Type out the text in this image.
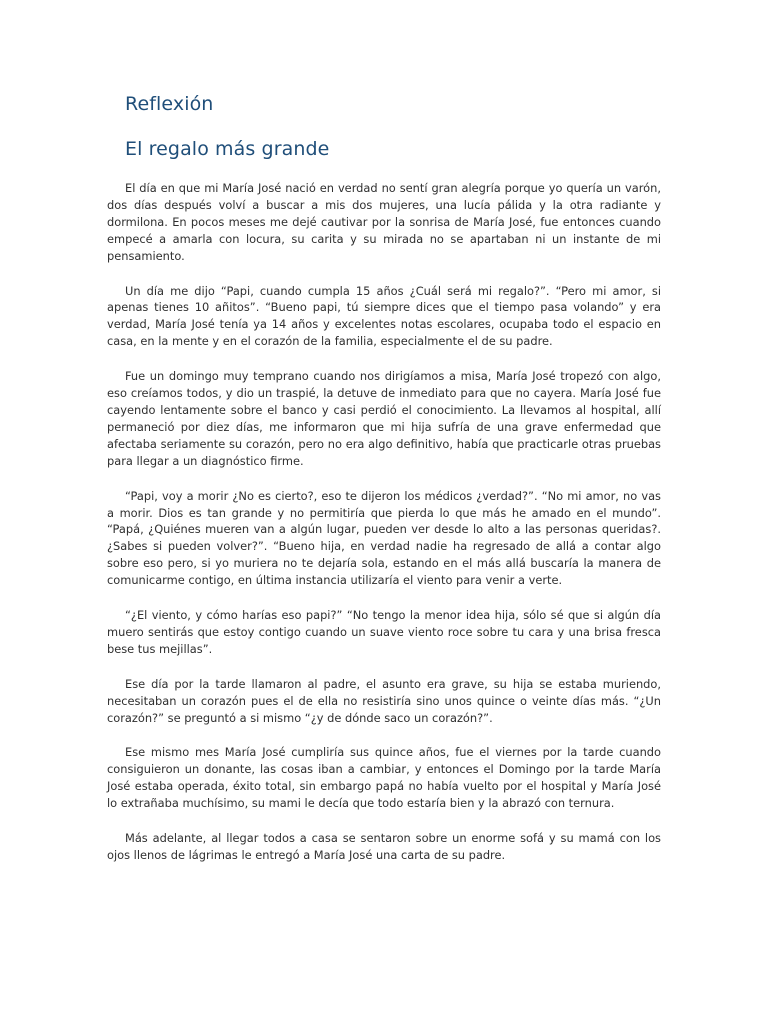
Reflexión
El regalo más grande

El día en que mi María José nació en verdad no sentí gran alegría porque yo quería un varón, dos días después volví a buscar a mis dos mujeres, una lucía pálida y la otra radiante y dormilona. En pocos meses me dejé cautivar por la sonrisa de María José, fue entonces cuando empecé a amarla con locura, su carita y su mirada no se apartaban ni un instante de mi pensamiento.

Un día me dijo “Papi, cuando cumpla 15 años ¿Cuál será mi regalo?”. “Pero mi amor, si apenas tienes 10 añitos”. “Bueno papi, tú siempre dices que el tiempo pasa volando” y era verdad, María José tenía ya 14 años y excelentes notas escolares, ocupaba todo el espacio en casa, en la mente y en el corazón de la familia, especialmente el de su padre.

Fue un domingo muy temprano cuando nos dirigíamos a misa, María José tropezó con algo, eso creíamos todos, y dio un traspié, la detuve de inmediato para que no cayera. María José fue cayendo lentamente sobre el banco y casi perdió el conocimiento. La llevamos al hospital, allí permaneció por diez días, me informaron que mi hija sufría de una grave enfermedad que afectaba seriamente su corazón, pero no era algo definitivo, había que practicarle otras pruebas para llegar a un diagnóstico firme.

“Papi, voy a morir ¿No es cierto?, eso te dijeron los médicos ¿verdad?”. “No mi amor, no vas a morir. Dios es tan grande y no permitiría que pierda lo que más he amado en el mundo”. “Papá, ¿Quiénes mueren van a algún lugar, pueden ver desde lo alto a las personas queridas?. ¿Sabes si pueden volver?”. “Bueno hija, en verdad nadie ha regresado de allá a contar algo sobre eso pero, si yo muriera no te dejaría sola, estando en el más allá buscaría la manera de comunicarme contigo, en última instancia utilizaría el viento para venir a verte.

“¿El viento, y cómo harías eso papi?” “No tengo la menor idea hija, sólo sé que si algún día muero sentirás que estoy contigo cuando un suave viento roce sobre tu cara y una brisa fresca bese tus mejillas”.

Ese día por la tarde llamaron al padre, el asunto era grave, su hija se estaba muriendo, necesitaban un corazón pues el de ella no resistiría sino unos quince o veinte días más. “¿Un corazón?” se preguntó a si mismo “¿y de dónde saco un corazón?”.

Ese mismo mes María José cumpliría sus quince años, fue el viernes por la tarde cuando consiguieron un donante, las cosas iban a cambiar, y entonces el Domingo por la tarde María José estaba operada, éxito total, sin embargo papá no había vuelto por el hospital y María José lo extrañaba muchísimo, su mami le decía que todo estaría bien y la abrazó con ternura.

Más adelante, al llegar todos a casa se sentaron sobre un enorme sofá y su mamá con los ojos llenos de lágrimas le entregó a María José una carta de su padre.
